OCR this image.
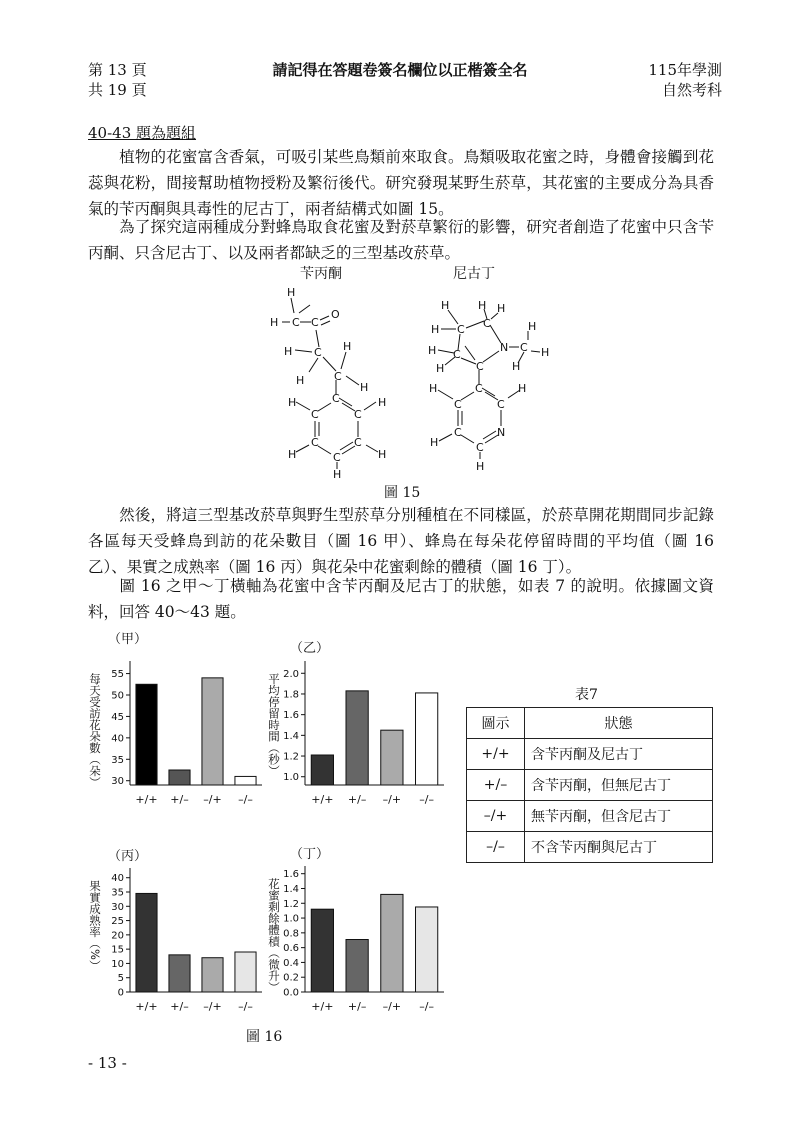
第 13 頁
共 19 頁
請記得在答題卷簽名欄位以正楷簽全名	115年學測
自然考科
40-43 題為題組
植物的花蜜富含香氣，可吸引某些鳥類前來取食。鳥類吸取花蜜之時，身體會接觸到花蕊與花粉，間接幫助植物授粉及繁衍後代。研究發現某野生菸草，其花蜜的主要成分為具香氣的苄丙酮與具毒性的尼古丁，兩者結構式如圖 15。
為了探究這兩種成分對蜂鳥取食花蜜及對菸草繁衍的影響，研究者創造了花蜜中只含苄丙酮、只含尼古丁、以及兩者都缺乏的三型基改菸草。
苄丙酮	尼古丁
H
H C C
O
H C H
H	C
H
H	C	H
C	C
C	C
H	H
C
H
H	H H
H C C	H
N C H
H C
C	H
H
C
H	H
C	C
C	N
H	C
H
圖 15
然後，將這三型基改菸草與野生型菸草分別種植在不同樣區，於菸草開花期間同步記錄各區每天受蜂鳥到訪的花朵數目（圖 16 甲）、蜂鳥在每朵花停留時間的平均值（圖 16 乙）、果實之成熟率（圖 16 丙）與花朵中花蜜剩餘的體積（圖 16 丁）。
圖 16 之甲～丁橫軸為花蜜中含苄丙酮及尼古丁的狀態，如表 7 的說明。依據圖文資料，回答 40～43 題。
（甲）
每天受訪花朵數（朵） 30
35
40
45
50
55
+/+ +/– –/+ –/–
（乙）
平均停留時間（秒）
1.0
1.2
1.4
1.6
1.8
2.0
+/+ +/– –/+ –/–
（丙）
果實成熟率（%）
0
5
10
15
20
25
30
35
40
+/+ +/– –/+ –/–
（丁）
花蜜剩餘體積（微升） 0.0
0.2
0.4
0.6
0.8
1.0
1.2
1.4
1.6
+/+ +/– –/+ –/–
圖 16
表7
圖示	狀態
+/+	含苄丙酮及尼古丁
+/–	含苄丙酮，但無尼古丁
–/+	無苄丙酮，但含尼古丁
–/–	不含苄丙酮與尼古丁
- 13 -
